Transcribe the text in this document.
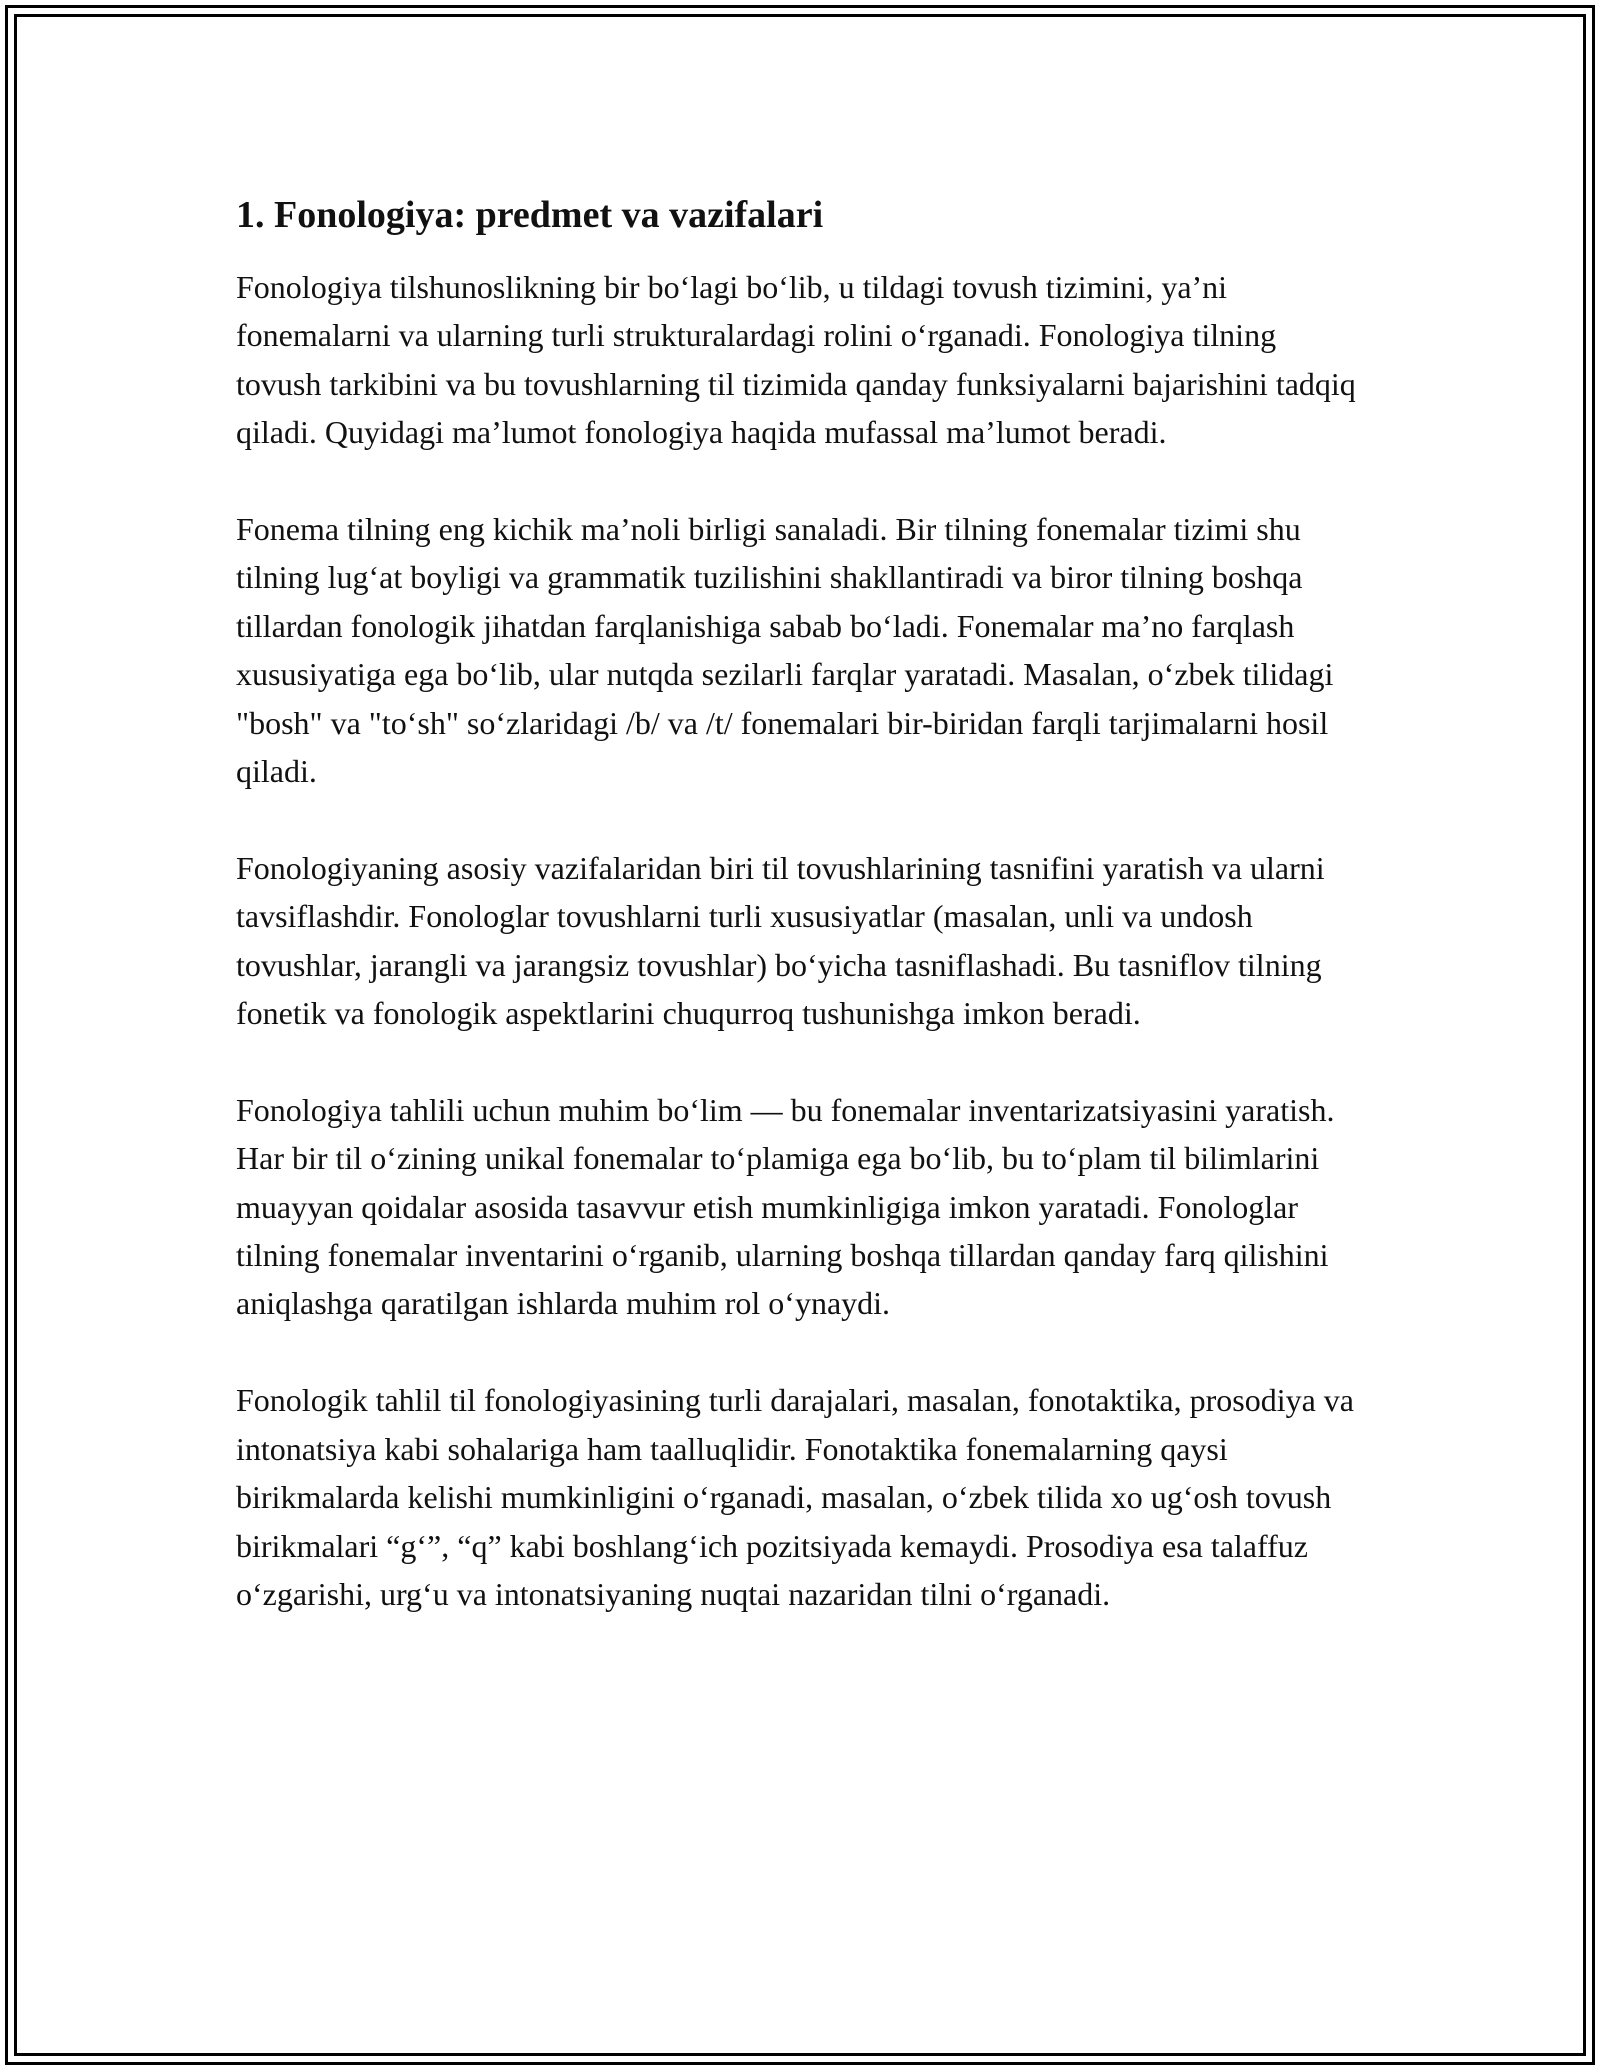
1. Fonologiya: predmet va vazifalari

Fonologiya tilshunoslikning bir bo‘lagi bo‘lib, u tildagi tovush tizimini, ya’ni fonemalarni va ularning turli strukturalardagi rolini o‘rganadi. Fonologiya tilning tovush tarkibini va bu tovushlarning til tizimida qanday funksiyalarni bajarishini tadqiq qiladi. Quyidagi ma’lumot fonologiya haqida mufassal ma’lumot beradi.

Fonema tilning eng kichik ma’noli birligi sanaladi. Bir tilning fonemalar tizimi shu tilning lug‘at boyligi va grammatik tuzilishini shakllantiradi va biror tilning boshqa tillardan fonologik jihatdan farqlanishiga sabab bo‘ladi. Fonemalar ma’no farqlash xususiyatiga ega bo‘lib, ular nutqda sezilarli farqlar yaratadi. Masalan, o‘zbek tilidagi "bosh" va "to‘sh" so‘zlaridagi /b/ va /t/ fonemalari bir-biridan farqli tarjimalarni hosil qiladi.

Fonologiyaning asosiy vazifalaridan biri til tovushlarining tasnifini yaratish va ularni tavsiflashdir. Fonologlar tovushlarni turli xususiyatlar (masalan, unli va undosh tovushlar, jarangli va jarangsiz tovushlar) bo‘yicha tasniflashadi. Bu tasniflov tilning fonetik va fonologik aspektlarini chuqurroq tushunishga imkon beradi.

Fonologiya tahlili uchun muhim bo‘lim — bu fonemalar inventarizatsiyasini yaratish. Har bir til o‘zining unikal fonemalar to‘plamiga ega bo‘lib, bu to‘plam til bilimlarini muayyan qoidalar asosida tasavvur etish mumkinligiga imkon yaratadi. Fonologlar tilning fonemalar inventarini o‘rganib, ularning boshqa tillardan qanday farq qilishini aniqlashga qaratilgan ishlarda muhim rol o‘ynaydi.

Fonologik tahlil til fonologiyasining turli darajalari, masalan, fonotaktika, prosodiya va intonatsiya kabi sohalariga ham taalluqlidir. Fonotaktika fonemalarning qaysi birikmalarda kelishi mumkinligini o‘rganadi, masalan, o‘zbek tilida xo ug‘osh tovush birikmalari “g‘”, “q” kabi boshlang‘ich pozitsiyada kemaydi. Prosodiya esa talaffuz o‘zgarishi, urg‘u va intonatsiyaning nuqtai nazaridan tilni o‘rganadi.
